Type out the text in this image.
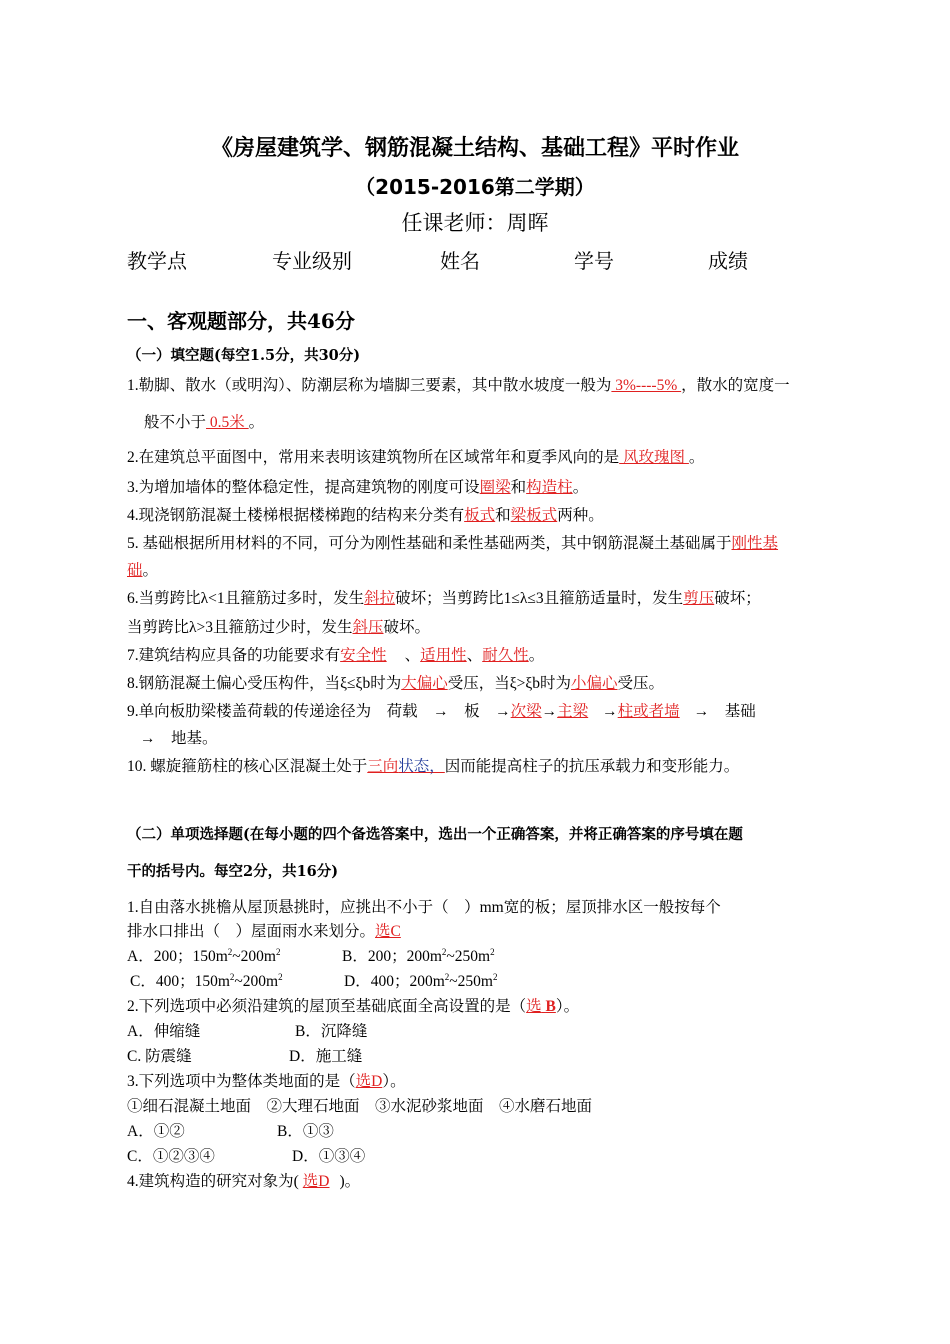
《房屋建筑学、钢筋混凝土结构、基础工程》平时作业
（2015-2016第二学期）
任课老师：周晖
教学点	专业级别	姓名	学号	成绩
一、客观题部分，共46分
（一）填空题(每空1.5分，共30分)
1.勒脚、散水（或明沟）、防潮层称为墙脚三要素，其中散水坡度一般为 3%----5% ，散水的宽度一
般不小于 0.5米 。
2.在建筑总平面图中，常用来表明该建筑物所在区域常年和夏季风向的是 风玫瑰图 。
3.为增加墙体的整体稳定性，提高建筑物的刚度可设圈梁和构造柱。
4.现浇钢筋混凝土楼梯根据楼梯跑的结构来分类有板式和梁板式两种。
5. 基础根据所用材料的不同，可分为刚性基础和柔性基础两类，其中钢筋混凝土基础属于刚性基
础。
6.当剪跨比λ<1且箍筋过多时，发生斜拉破坏；当剪跨比1≤λ≤3且箍筋适量时，发生剪压破坏；
当剪跨比λ>3且箍筋过少时，发生斜压破坏。
7.建筑结构应具备的功能要求有安全性 、适用性、耐久性。
8.钢筋混凝土偏心受压构件，当ξ≤ξb时为大偏心受压，当ξ>ξb时为小偏心受压。
9.单向板肋梁楼盖荷载的传递途径为　荷载　→　板　→次梁→主梁 →柱或者墙 →　基础
→　地基。
10. 螺旋箍筋柱的核心区混凝土处于三向状态，因而能提高柱子的抗压承载力和变形能力。
（二）单项选择题(在每小题的四个备选答案中，选出一个正确答案，并将正确答案的序号填在题
干的括号内。每空2分，共16分)
1.自由落水挑檐从屋顶悬挑时，应挑出不小于（　）mm宽的板；屋顶排水区一般按每个
排水口排出（　）屋面雨水来划分。选C
A．200；$150m^2\sim 200m^2$	B．200；$200m^2\sim 250m^2$
C．400；$150m^2\sim 200m^2$	D．400；$200m^2\sim 250m^2$
2.下列选项中必须沿建筑的屋顶至基础底面全高设置的是（选 B）。
A．伸缩缝	B．沉降缝
C. 防震缝	D．施工缝
3.下列选项中为整体类地面的是（选D）。
①细石混凝土地面　②大理石地面　③水泥砂浆地面　④水磨石地面
A．①②	B．①③
C．①②③④	D．①③④
4.建筑构造的研究对象为( 选D )。
